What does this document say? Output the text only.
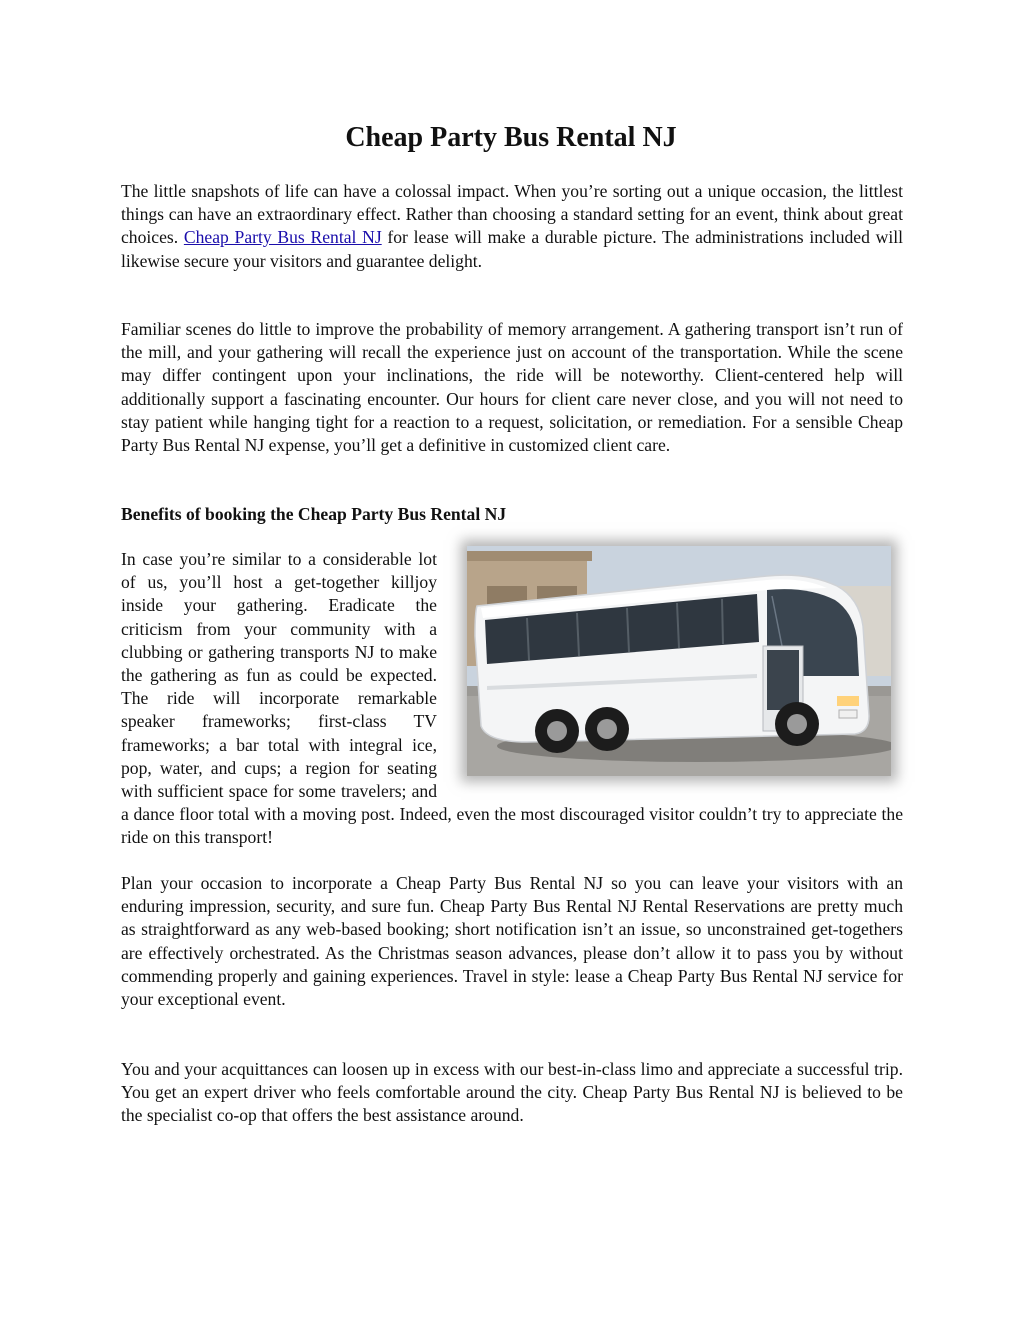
Cheap Party Bus Rental NJ

The little snapshots of life can have a colossal impact. When you’re sorting out a unique occasion, the littlest things can have an extraordinary effect. Rather than choosing a standard setting for an event, think about great choices. Cheap Party Bus Rental NJ for lease will make a durable picture. The administrations included will likewise secure your visitors and guarantee delight.

Familiar scenes do little to improve the probability of memory arrangement. A gathering transport isn’t run of the mill, and your gathering will recall the experience just on account of the transportation. While the scene may differ contingent upon your inclinations, the ride will be noteworthy. Client-centered help will additionally support a fascinating encounter. Our hours for client care never close, and you will not need to stay patient while hanging tight for a reaction to a request, solicitation, or remediation. For a sensible Cheap Party Bus Rental NJ expense, you’ll get a definitive in customized client care.

Benefits of booking the Cheap Party Bus Rental NJ

In case you’re similar to a considerable lot of us, you’ll host a get-together killjoy inside your gathering. Eradicate the criticism from your community with a clubbing or gathering transports NJ to make the gathering as fun as could be expected. The ride will incorporate remarkable speaker frameworks; first-class TV frameworks; a bar total with integral ice, pop, water, and cups; a region for seating with sufficient space for some travelers; and a dance floor total with a moving post. Indeed, even the most discouraged visitor couldn’t try to appreciate the ride on this transport!

Plan your occasion to incorporate a Cheap Party Bus Rental NJ so you can leave your visitors with an enduring impression, security, and sure fun. Cheap Party Bus Rental NJ Rental Reservations are pretty much as straightforward as any web-based booking; short notification isn’t an issue, so unconstrained get-togethers are effectively orchestrated. As the Christmas season advances, please don’t allow it to pass you by without commending properly and gaining experiences. Travel in style: lease a Cheap Party Bus Rental NJ service for your exceptional event.

You and your acquittances can loosen up in excess with our best-in-class limo and appreciate a successful trip. You get an expert driver who feels comfortable around the city. Cheap Party Bus Rental NJ is believed to be the specialist co-op that offers the best assistance around.
